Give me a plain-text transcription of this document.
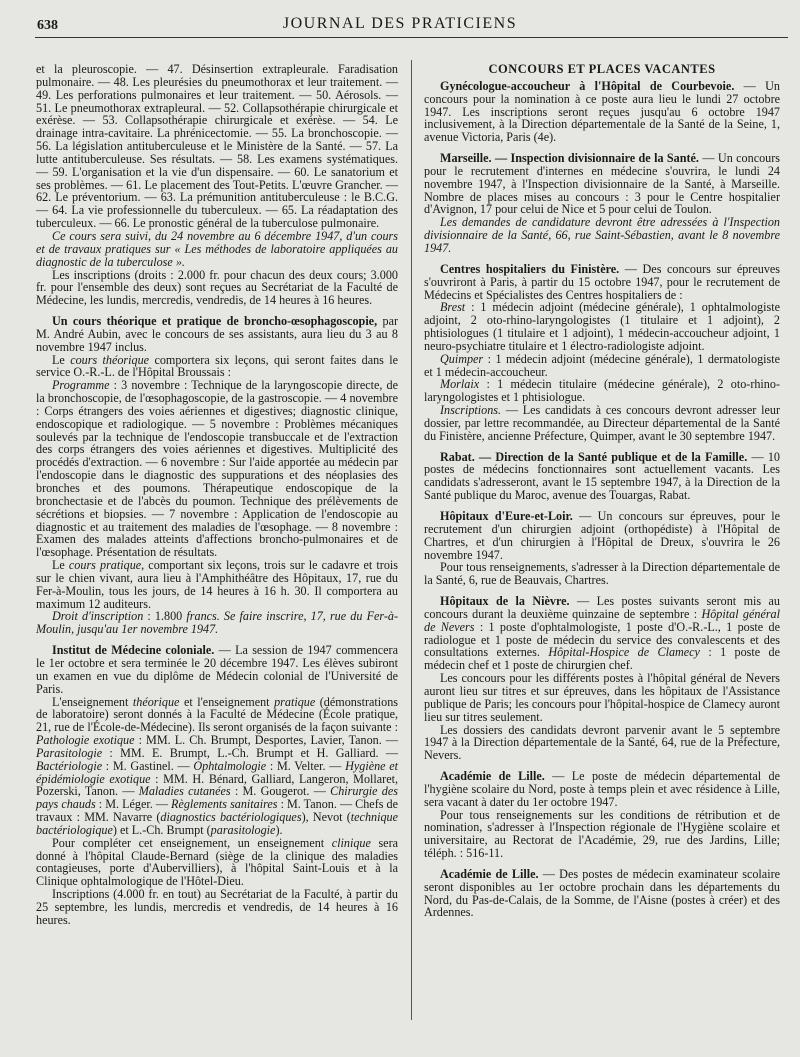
638	JOURNAL DES PRATICIENS

et la pleuroscopie. — 47. Désinsertion extrapleurale. Faradisation pulmonaire. — 48. Les pleurésies du pneumothorax et leur traitement. — 49. Les perforations pulmonaires et leur traitement. — 50. Aérosols. — 51. Le pneumothorax extrapleural. — 52. Collapsothérapie chirurgicale et exérèse. — 53. Collapsothérapie chirurgicale et exérèse. — 54. Le drainage intra-cavitaire. La phrénicectomie. — 55. La bronchoscopie. — 56. La législation antituberculeuse et le Ministère de la Santé. — 57. La lutte antituberculeuse. Ses résultats. — 58. Les examens systématiques. — 59. L'organisation et la vie d'un dispensaire. — 60. Le sanatorium et ses problèmes. — 61. Le placement des Tout-Petits. L'œuvre Grancher. — 62. Le préventorium. — 63. La prémunition antituberculeuse : le B.C.G. — 64. La vie professionnelle du tuberculeux. — 65. La réadaptation des tuberculeux. — 66. Le pronostic général de la tuberculose pulmonaire.

Ce cours sera suivi, du 24 novembre au 6 décembre 1947, d'un cours et de travaux pratiques sur « Les méthodes de laboratoire appliquées au diagnostic de la tuberculose ».

Les inscriptions (droits : 2.000 fr. pour chacun des deux cours; 3.000 fr. pour l'ensemble des deux) sont reçues au Secrétariat de la Faculté de Médecine, les lundis, mercredis, vendredis, de 14 heures à 16 heures.

Un cours théorique et pratique de broncho-œsophagoscopie, par M. André Aubin, avec le concours de ses assistants, aura lieu du 3 au 8 novembre 1947 inclus.

Le cours théorique comportera six leçons, qui seront faites dans le service O.-R.-L. de l'Hôpital Broussais :

Programme : 3 novembre : Technique de la laryngoscopie directe, de la bronchoscopie, de l'œsophagoscopie, de la gastroscopie. — 4 novembre : Corps étrangers des voies aériennes et digestives; diagnostic clinique, endoscopique et radiologique. — 5 novembre : Problèmes mécaniques soulevés par la technique de l'endoscopie transbuccale et de l'extraction des corps étrangers des voies aériennes et digestives. Multiplicité des procédés d'extraction. — 6 novembre : Sur l'aide apportée au médecin par l'endoscopie dans le diagnostic des suppurations et des néoplasies des bronches et des poumons. Thérapeutique endoscopique de la bronchectasie et de l'abcès du poumon. Technique des prélèvements de sécrétions et biopsies. — 7 novembre : Application de l'endoscopie au diagnostic et au traitement des maladies de l'œsophage. — 8 novembre : Examen des malades atteints d'affections broncho-pulmonaires et de l'œsophage. Présentation de résultats.

Le cours pratique, comportant six leçons, trois sur le cadavre et trois sur le chien vivant, aura lieu à l'Amphithéâtre des Hôpitaux, 17, rue du Fer-à-Moulin, tous les jours, de 14 heures à 16 h. 30. Il comportera au maximum 12 auditeurs.

Droit d'inscription : 1.800 francs. Se faire inscrire, 17, rue du Fer-à-Moulin, jusqu'au 1er novembre 1947.

Institut de Médecine coloniale. — La session de 1947 commencera le 1er octobre et sera terminée le 20 décembre 1947. Les élèves subiront un examen en vue du diplôme de Médecin colonial de l'Université de Paris.

L'enseignement théorique et l'enseignement pratique (démonstrations de laboratoire) seront donnés à la Faculté de Médecine (École pratique, 21, rue de l'École-de-Médecine). Ils seront organisés de la façon suivante : Pathologie exotique : MM. L. Ch. Brumpt, Desportes, Lavier, Tanon. — Parasitologie : MM. E. Brumpt, L.-Ch. Brumpt et H. Galliard. — Bactériologie : M. Gastinel. — Ophtalmologie : M. Velter. — Hygiène et épidémiologie exotique : MM. H. Bénard, Galliard, Langeron, Mollaret, Pozerski, Tanon. — Maladies cutanées : M. Gougerot. — Chirurgie des pays chauds : M. Léger. — Règlements sanitaires : M. Tanon. — Chefs de travaux : MM. Navarre (diagnostics bactériologiques), Nevot (technique bactériologique) et L.-Ch. Brumpt (parasitologie).

Pour compléter cet enseignement, un enseignement clinique sera donné à l'hôpital Claude-Bernard (siège de la clinique des maladies contagieuses, porte d'Aubervilliers), à l'hôpital Saint-Louis et à la Clinique ophtalmologique de l'Hôtel-Dieu.

Inscriptions (4.000 fr. en tout) au Secrétariat de la Faculté, à partir du 25 septembre, les lundis, mercredis et vendredis, de 14 heures à 16 heures.

CONCOURS ET PLACES VACANTES

Gynécologue-accoucheur à l'Hôpital de Courbevoie. — Un concours pour la nomination à ce poste aura lieu le lundi 27 octobre 1947. Les inscriptions seront reçues jusqu'au 6 octobre 1947 inclusivement, à la Direction départementale de la Santé de la Seine, 1, avenue Victoria, Paris (4e).

Marseille. — Inspection divisionnaire de la Santé. — Un concours pour le recrutement d'internes en médecine s'ouvrira, le lundi 24 novembre 1947, à l'Inspection divisionnaire de la Santé, à Marseille. Nombre de places mises au concours : 3 pour le Centre hospitalier d'Avignon, 17 pour celui de Nice et 5 pour celui de Toulon.

Les demandes de candidature devront être adressées à l'Inspection divisionnaire de la Santé, 66, rue Saint-Sébastien, avant le 8 novembre 1947.

Centres hospitaliers du Finistère. — Des concours sur épreuves s'ouvriront à Paris, à partir du 15 octobre 1947, pour le recrutement de Médecins et Spécialistes des Centres hospitaliers de :

Brest : 1 médecin adjoint (médecine générale), 1 ophtalmologiste adjoint, 2 oto-rhino-laryngologistes (1 titulaire et 1 adjoint), 2 phtisiologues (1 titulaire et 1 adjoint), 1 médecin-accoucheur adjoint, 1 neuro-psychiatre titulaire et 1 électro-radiologiste adjoint.

Quimper : 1 médecin adjoint (médecine générale), 1 dermatologiste et 1 médecin-accoucheur.

Morlaix : 1 médecin titulaire (médecine générale), 2 oto-rhino-laryngologistes et 1 phtisiologue.

Inscriptions. — Les candidats à ces concours devront adresser leur dossier, par lettre recommandée, au Directeur départemental de la Santé du Finistère, ancienne Préfecture, Quimper, avant le 30 septembre 1947.

Rabat. — Direction de la Santé publique et de la Famille. — 10 postes de médecins fonctionnaires sont actuellement vacants. Les candidats s'adresseront, avant le 15 septembre 1947, à la Direction de la Santé publique du Maroc, avenue des Touargas, Rabat.

Hôpitaux d'Eure-et-Loir. — Un concours sur épreuves, pour le recrutement d'un chirurgien adjoint (orthopédiste) à l'Hôpital de Chartres, et d'un chirurgien à l'Hôpital de Dreux, s'ouvrira le 26 novembre 1947.

Pour tous renseignements, s'adresser à la Direction départementale de la Santé, 6, rue de Beauvais, Chartres.

Hôpitaux de la Nièvre. — Les postes suivants seront mis au concours durant la deuxième quinzaine de septembre : Hôpital général de Nevers : 1 poste d'ophtalmologiste, 1 poste d'O.-R.-L., 1 poste de radiologue et 1 poste de médecin du service des convalescents et des consultations externes. Hôpital-Hospice de Clamecy : 1 poste de médecin chef et 1 poste de chirurgien chef.

Les concours pour les différents postes à l'hôpital général de Nevers auront lieu sur titres et sur épreuves, dans les hôpitaux de l'Assistance publique de Paris; les concours pour l'hôpital-hospice de Clamecy auront lieu sur titres seulement.

Les dossiers des candidats devront parvenir avant le 5 septembre 1947 à la Direction départementale de la Santé, 64, rue de la Préfecture, Nevers.

Académie de Lille. — Le poste de médecin départemental de l'hygiène scolaire du Nord, poste à temps plein et avec résidence à Lille, sera vacant à dater du 1er octobre 1947.

Pour tous renseignements sur les conditions de rétribution et de nomination, s'adresser à l'Inspection régionale de l'Hygiène scolaire et universitaire, au Rectorat de l'Académie, 29, rue des Jardins, Lille; téléph. : 516-11.

Académie de Lille. — Des postes de médecin examinateur scolaire seront disponibles au 1er octobre prochain dans les départements du Nord, du Pas-de-Calais, de la Somme, de l'Aisne (postes à créer) et des Ardennes.
